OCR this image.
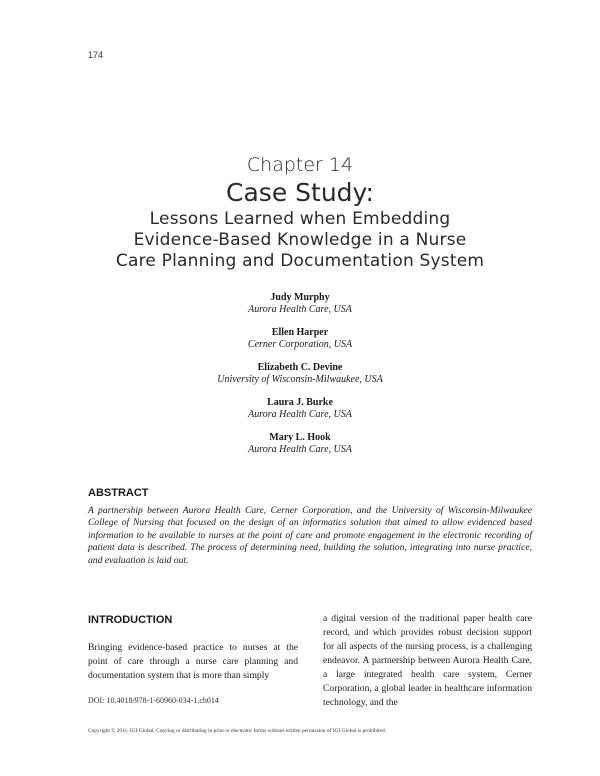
174
Chapter 14
Case Study:
Lessons Learned when Embedding
Evidence-Based Knowledge in a Nurse
Care Planning and Documentation System
Judy Murphy
Aurora Health Care, USA
Ellen Harper
Cerner Corporation, USA
Elizabeth C. Devine
University of Wisconsin-Milwaukee, USA
Laura J. Burke
Aurora Health Care, USA
Mary L. Hook
Aurora Health Care, USA
ABSTRACT
A partnership between Aurora Health Care, Cerner Corporation, and the University of Wisconsin-Milwaukee College of Nursing that focused on the design of an informatics solution that aimed to allow evidenced based information to be available to nurses at the point of care and promote engagement in the electronic recording of patient data is described. The process of determining need, building the solution, integrating into nurse practice, and evaluation is laid out.
INTRODUCTION
Bringing evidence-based practice to nurses at the point of care through a nurse care planning and documentation system that is more than simply
DOI: 10.4018/978-1-60960-034-1.ch014
a digital version of the traditional paper health care record, and which provides robust decision support for all aspects of the nursing process, is a challenging endeavor. A partnership between Aurora Health Care, a large integrated health care system, Cerner Corporation, a global leader in healthcare information technology, and the
Copyright © 2011, IGI Global. Copying or distributing in print or electronic forms without written permission of IGI Global is prohibited.
